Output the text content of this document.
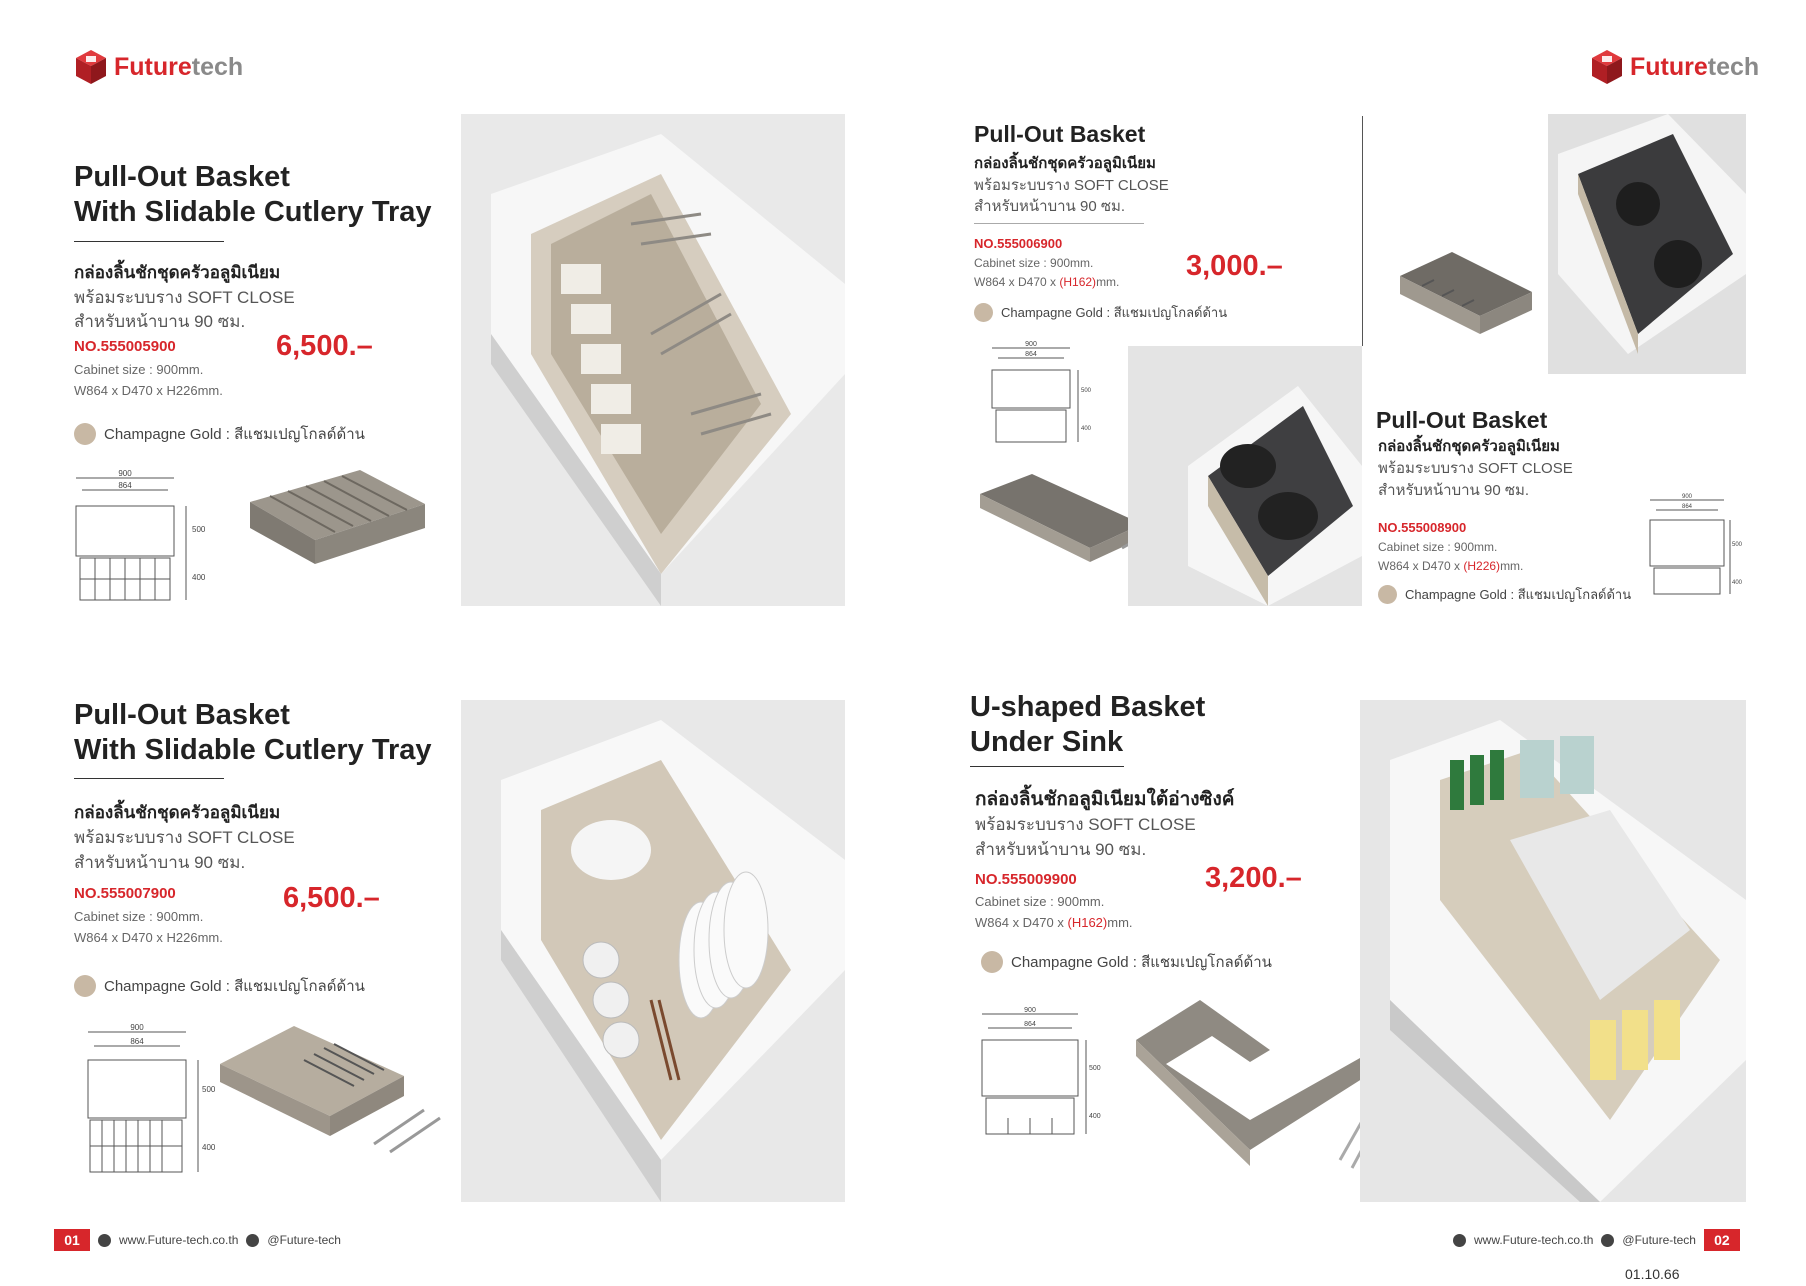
Futuretech	Futuretech
Pull-Out Basket
With Slidable Cutlery Tray
กล่องลิ้นชักชุดครัวอลูมิเนียม
พร้อมระบบราง SOFT CLOSE
สำหรับหน้าบาน 90 ซม.
NO.555005900
Cabinet size : 900mm.
W864 x D470 x H226mm.
6,500.–
Champagne Gold : สีแชมเปญโกลด์ด้าน
900
864
500
400
Pull-Out Basket
กล่องลิ้นชักชุดครัวอลูมิเนียม
พร้อมระบบราง SOFT CLOSE
สำหรับหน้าบาน 90 ซม.
NO.555006900
Cabinet size : 900mm.
W864 x D470 x (H162)mm. 3,000.–
Champagne Gold : สีแชมเปญโกลด์ด้าน
900
864
500
400	Pull-Out Basket
กล่องลิ้นชักชุดครัวอลูมิเนียม
พร้อมระบบราง SOFT CLOSE
สำหรับหน้าบาน 90 ซม.
NO.555008900
Cabinet size : 900mm.
W864 x D470 x (H226)mm.
Champagne Gold : สีแชมเปญโกลด์ด้าน
900
864
500
400
Pull-Out Basket
With Slidable Cutlery Tray
กล่องลิ้นชักชุดครัวอลูมิเนียม
พร้อมระบบราง SOFT CLOSE
สำหรับหน้าบาน 90 ซม.
NO.555007900
Cabinet size : 900mm.
W864 x D470 x H226mm.
6,500.–
Champagne Gold : สีแชมเปญโกลด์ด้าน
900
864
500
400
U-shaped Basket
Under Sink
กล่องลิ้นชักอลูมิเนียมใต้อ่างซิงค์
พร้อมระบบราง SOFT CLOSE
สำหรับหน้าบาน 90 ซม.
NO.555009900
Cabinet size : 900mm.
W864 x D470 x (H162)mm.
3,200.–
Champagne Gold : สีแชมเปญโกลด์ด้าน
900
864
500
400
01	www.Future-tech.co.th @Future-tech	www.Future-tech.co.th @Future-tech	02
01.10.66
